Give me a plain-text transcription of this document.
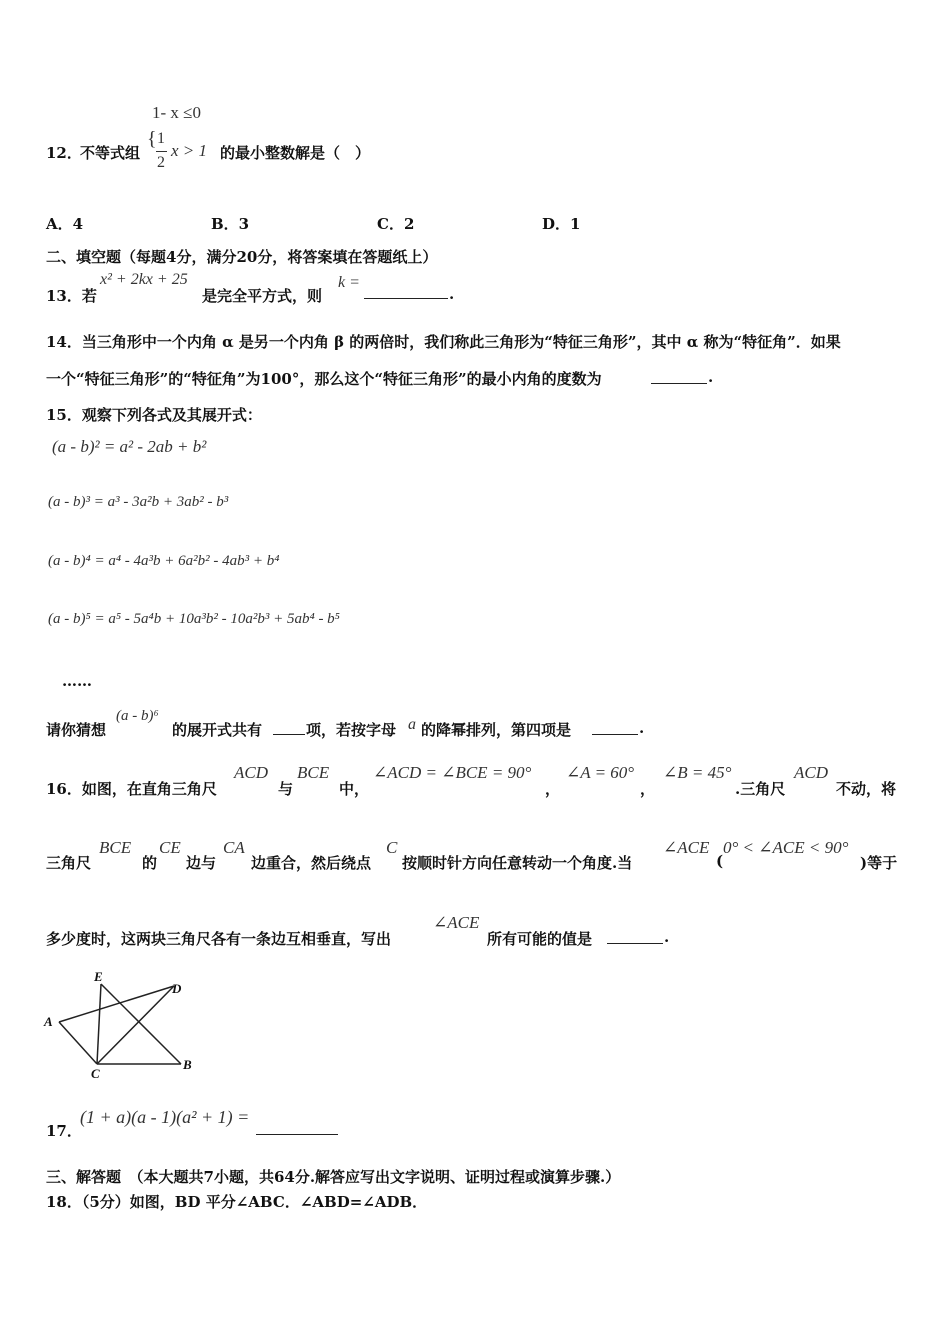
1- x ≤0
12．
不等式组
{ 1
2
x > 1 的最小整数解是（　）
A．4	B．3	C．2	D．1
二、填空题（每题4分，满分20分，将答案填在答题纸上）
13．若
x² + 2kx + 25
是完全平方式，则
k =
.
14．当三角形中一个内角 α 是另一个内角 β 的两倍时，我们称此三角形为“特征三角形”，其中 α 称为“特征角”．如果
一个“特征三角形”的“特征角”为100°，那么这个“特征三角形”的最小内角的度数为	.
15．观察下列各式及其展开式：
(a - b)² = a² - 2ab + b²
(a - b)³ = a³ - 3a²b + 3ab² - b³
(a - b)⁴ = a⁴ - 4a³b + 6a²b² - 4ab³ + b⁴
(a - b)⁵ = a⁵ - 5a⁴b + 10a³b² - 10a²b³ + 5ab⁴ - b⁵
……
请你猜想
(a - b)⁶
的展开式共有	项，若按字母 a 的降幂排列，第四项是	.
16．如图，在直角三角尺
ACD
与
BCE
中，
∠ACD = ∠BCE = 90°
，
∠A = 60°
，
∠B = 45°
.三角尺
ACD
不动，将
三角尺
BCE
的
CE
边与
CA
边重合，然后绕点
C
按顺时针方向任意转动一个角度.当
∠ACE
(
0° < ∠ACE < 90°
)等于
多少度时，这两块三角尺各有一条边互相垂直，写出
∠ACE
所有可能的值是	.
E
D
A
C
B
17．
(1 + a)(a - 1)(a² + 1) =
三、解答题　（本大题共7小题，共64分.解答应写出文字说明、证明过程或演算步骤.）
18．（5分）如图，BD 平分∠ABC．∠ABD=∠ADB．
